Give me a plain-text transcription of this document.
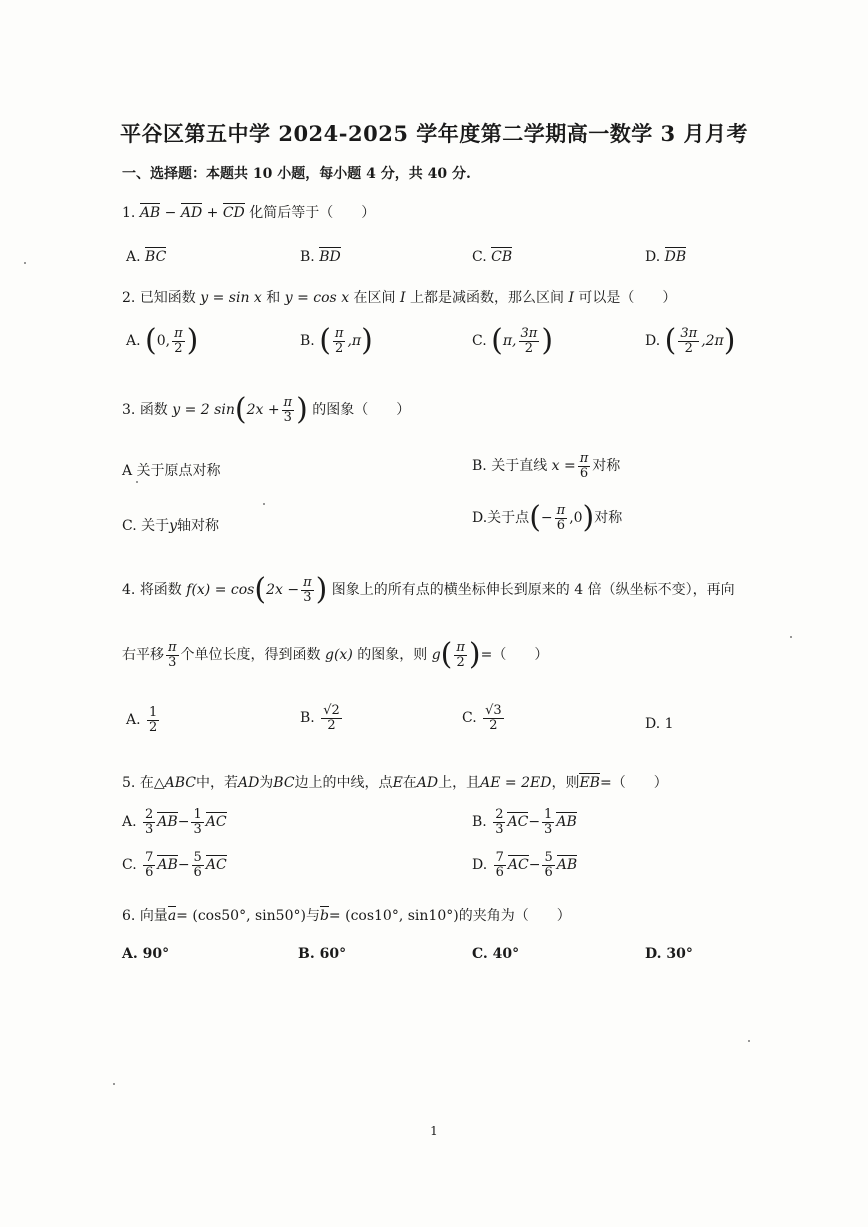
平谷区第五中学 2024-2025 学年度第二学期高一数学 3 月月考
一、选择题：本题共 10 小题，每小题 4 分，共 40 分.
1. AB − AD + CD 化简后等于（　　）
A. BC	B. BD	C. CB	D. DB
2. 已知函数 y = sin x 和 y = cos x 在区间 I 上都是减函数，那么区间 I 可以是（　　）
A. (0, $\frac{\pi}{2}$ )	B. ( $\frac{\pi}{2} ,\pi$)	C. (π, $\frac{3\pi}{2}$ )	D. ( $\frac{3\pi}{2} ,2\pi$)
3. 函数 y = 2 $\sin(2x + \frac{\pi}{3}$ ) 的图象（　　）
A 关于原点对称	B. 关于直线 $x = \frac{\pi}{6}$ 对称
C. 关于y轴对称	D.关于点(− $\frac{\pi}{6} ,0$)对称
4. 将函数 $f(x) = \cos(2x - \frac{\pi}{3}$ ) 图象上的所有点的横坐标伸长到原来的 4 倍（纵坐标不变），再向
右平移 $\frac{\pi}{3}$ 个单位长度，得到函数 g(x) 的图象，则 $g( \frac{\pi}{2}$ )=（　　）
A. $\frac{1}{2}$	B. $\frac{√2}{2}$	C. $\frac{√3}{2}$	D. 1
5. 在△ABC中，若AD为BC边上的中线，点E在AD上，且AE = 2ED，则EB=（　　）
A. $\frac{2}{3} AB- \frac{1}{3}$ AC	B. $\frac{2}{3} AC- \frac{1}{3}$ AB
C. $\frac{7}{6} AB- \frac{5}{6}$ AC	D. $\frac{7}{6} AC- \frac{5}{6}$ AB
6. 向量a= (cos50°, sin50°)与b= (cos10°, sin10°)的夹角为（　　）
A. 90°	B. 60°	C. 40°	D. 30°
1
